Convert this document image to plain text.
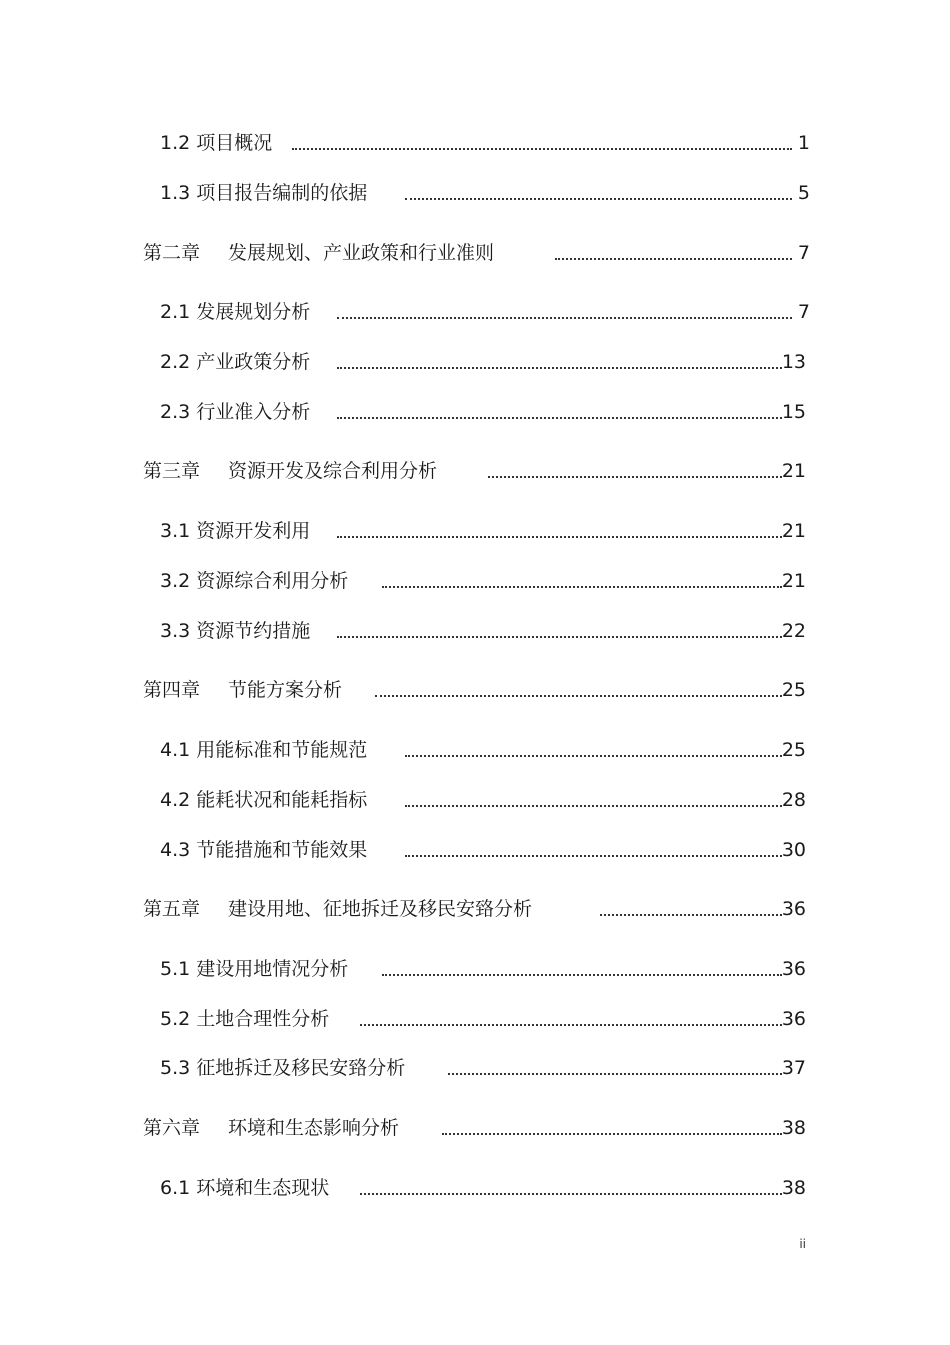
1.2 项目概况	1
1.3 项目报告编制的依据	5
第二章 发展规划、产业政策和行业准则	7
2.1 发展规划分析	7
2.2 产业政策分析	13
2.3 行业准入分析	15
第三章 资源开发及综合利用分析	21
3.1 资源开发利用	21
3.2 资源综合利用分析	21
3.3 资源节约措施	22
第四章 节能方案分析	25
4.1 用能标准和节能规范	25
4.2 能耗状况和能耗指标	28
4.3 节能措施和节能效果	30
第五章 建设用地、征地拆迁及移民安臵分析	36
5.1 建设用地情况分析	36
5.2 土地合理性分析	36
5.3 征地拆迁及移民安臵分析	37
第六章 环境和生态影响分析	38
6.1 环境和生态现状	38
ii
